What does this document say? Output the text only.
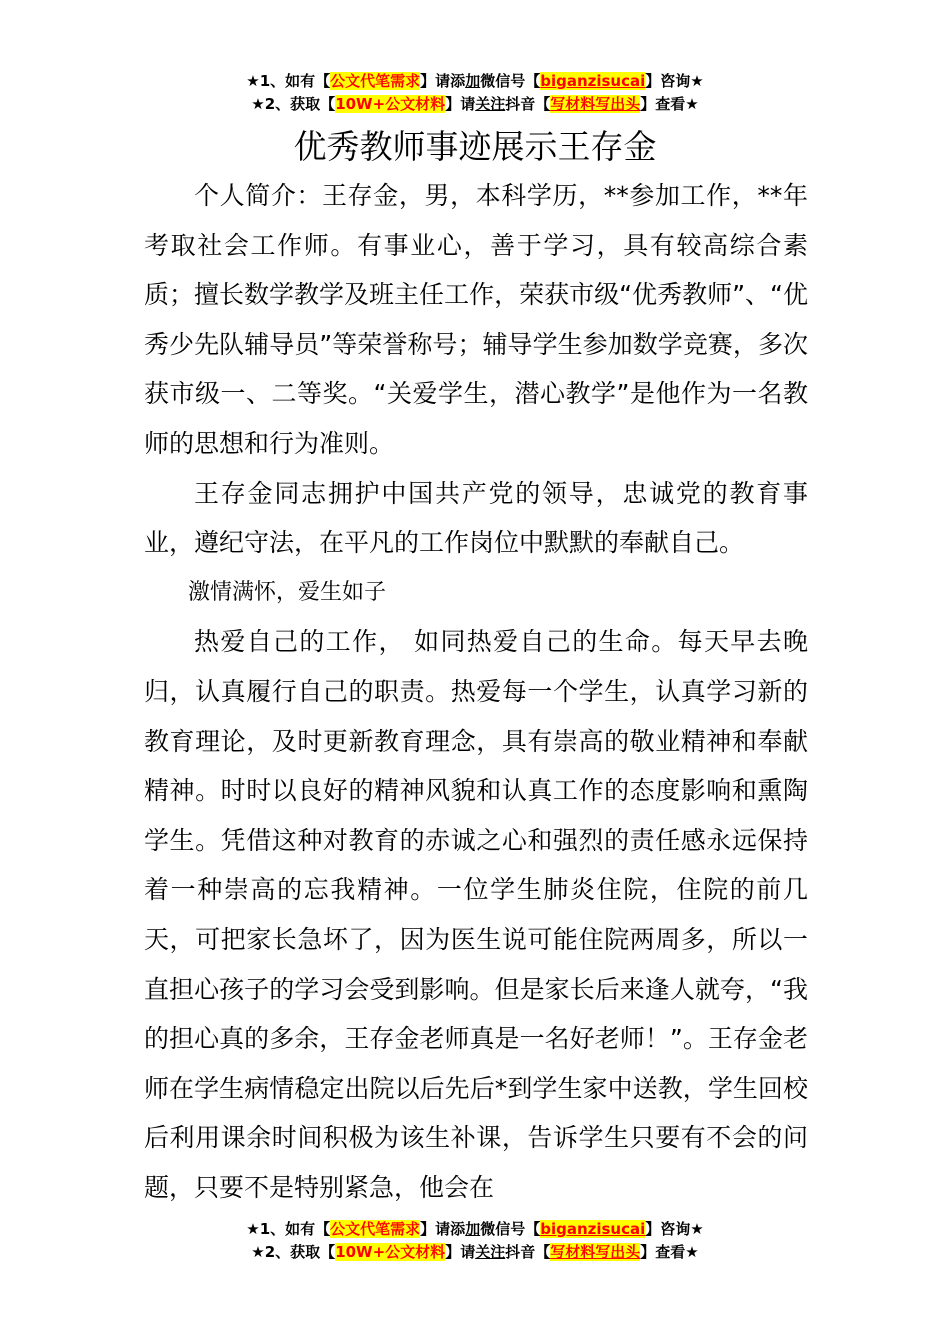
★1、如有【公文代笔需求】请添加微信号【biganzisucai】咨询★
★2、获取【10W+公文材料】请关注抖音【写材料写出头】查看★
优秀教师事迹展示王存金

个人简介：王存金，男，本科学历，**参加工作，**年考取社会工作师。有事业心，善于学习，具有较高综合素质；擅长数学教学及班主任工作，荣获市级“优秀教师”、“优秀少先队辅导员”等荣誉称号；辅导学生参加数学竞赛，多次获市级一、二等奖。“关爱学生，潜心教学”是他作为一名教师的思想和行为准则。

王存金同志拥护中国共产党的领导，忠诚党的教育事业，遵纪守法，在平凡的工作岗位中默默的奉献自己。

激情满怀，爱生如子

热爱自己的工作， 如同热爱自己的生命。每天早去晚归，认真履行自己的职责。热爱每一个学生，认真学习新的教育理论，及时更新教育理念，具有崇高的敬业精神和奉献精神。时时以良好的精神风貌和认真工作的态度影响和熏陶学生。凭借这种对教育的赤诚之心和强烈的责任感永远保持着一种崇高的忘我精神。一位学生肺炎住院，住院的前几天，可把家长急坏了，因为医生说可能住院两周多，所以一直担心孩子的学习会受到影响。但是家长后来逢人就夸，“我的担心真的多余，王存金老师真是一名好老师！”。王存金老师在学生病情稳定出院以后先后*到学生家中送教，学生回校后利用课余时间积极为该生补课，告诉学生只要有不会的问题，只要不是特别紧急，他会在

★1、如有【公文代笔需求】请添加微信号【biganzisucai】咨询★
★2、获取【10W+公文材料】请关注抖音【写材料写出头】查看★
